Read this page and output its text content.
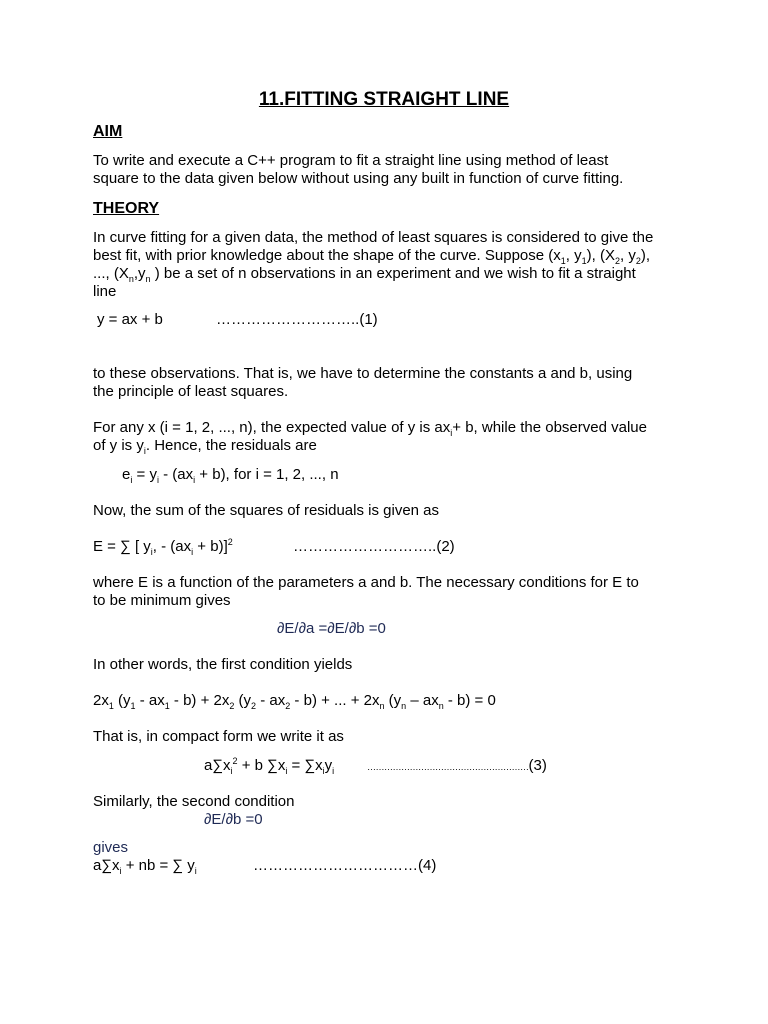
11.FITTING STRAIGHT LINE
AIM
To write and execute a C++ program to fit a straight line using method of least
square to the data given below without using any built in function of curve fitting.
THEORY
In curve fitting for a given data, the method of least squares is considered to give the
best fit, with prior knowledge about the shape of the curve. Suppose ($x_1$, $y_1$), ($X_2$, $y_2$),
..., ($X_n,y_n$ ) be a set of n observations in an experiment and we wish to fit a straight
line
y = ax + b	………………………..(1)
to these observations. That is, we have to determine the constants a and b, using
the principle of least squares.
For any x (i = 1, 2, ..., n), the expected value of y is $ax_i+ b$, while the observed value
of y is $y_i$. Hence, the residuals are
$e_i = y_i - (ax_i + b)$, for i = 1, 2, ..., n
Now, the sum of the squares of residuals is given as
E = ∑ [ $y_i$, - $(ax_i + b)]^2$	………………………..(2)
where E is a function of the parameters a and b. The necessary conditions for E to
to be minimum gives
∂E/∂a =∂E/∂b =0
In other words, the first condition yields
$2x_1$ $(y_1 - ax_1 - b) + 2x_2$ $(y_2 - ax_2 - b)$ + ... + $2x_n$ $(y_n - ax_n - b) = 0$
That is, in compact form we write it as
$a\sum x_i^2 + b$ $\sum x_i = \sum x_iy_i$	…………………………………………………(3)
Similarly, the second condition
∂E/∂b =0
gives
$a\sum x_i$ + nb = ∑ $y_i$	……………………………(4)
